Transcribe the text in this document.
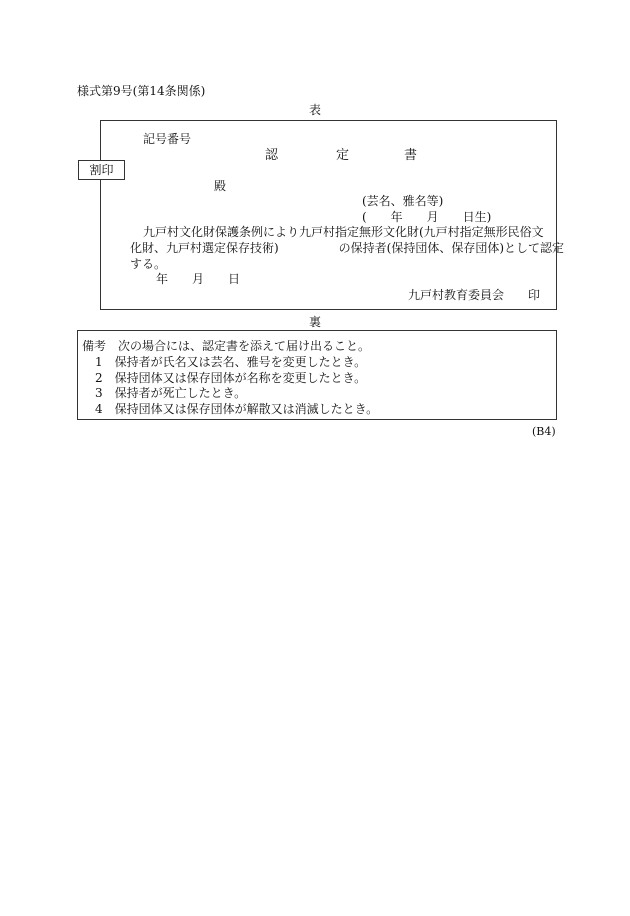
様式第9号(第14条関係)
表
割印
記号番号
認	定	書
殿
(芸名、雅名等)
(　　年　　月　　日生)
九戸村文化財保護条例により九戸村指定無形文化財(九戸村指定無形民俗文
化財、九戸村選定保存技術)　　　　　の保持者(保持団体、保存団体)として認定
する。
年　　月　　日
九戸村教育委員会　　印
裏
備考　次の場合には、認定書を添えて届け出ること。
1　保持者が氏名又は芸名、雅号を変更したとき。
2　保持団体又は保存団体が名称を変更したとき。
3　保持者が死亡したとき。
4　保持団体又は保存団体が解散又は消滅したとき。
(B4)
